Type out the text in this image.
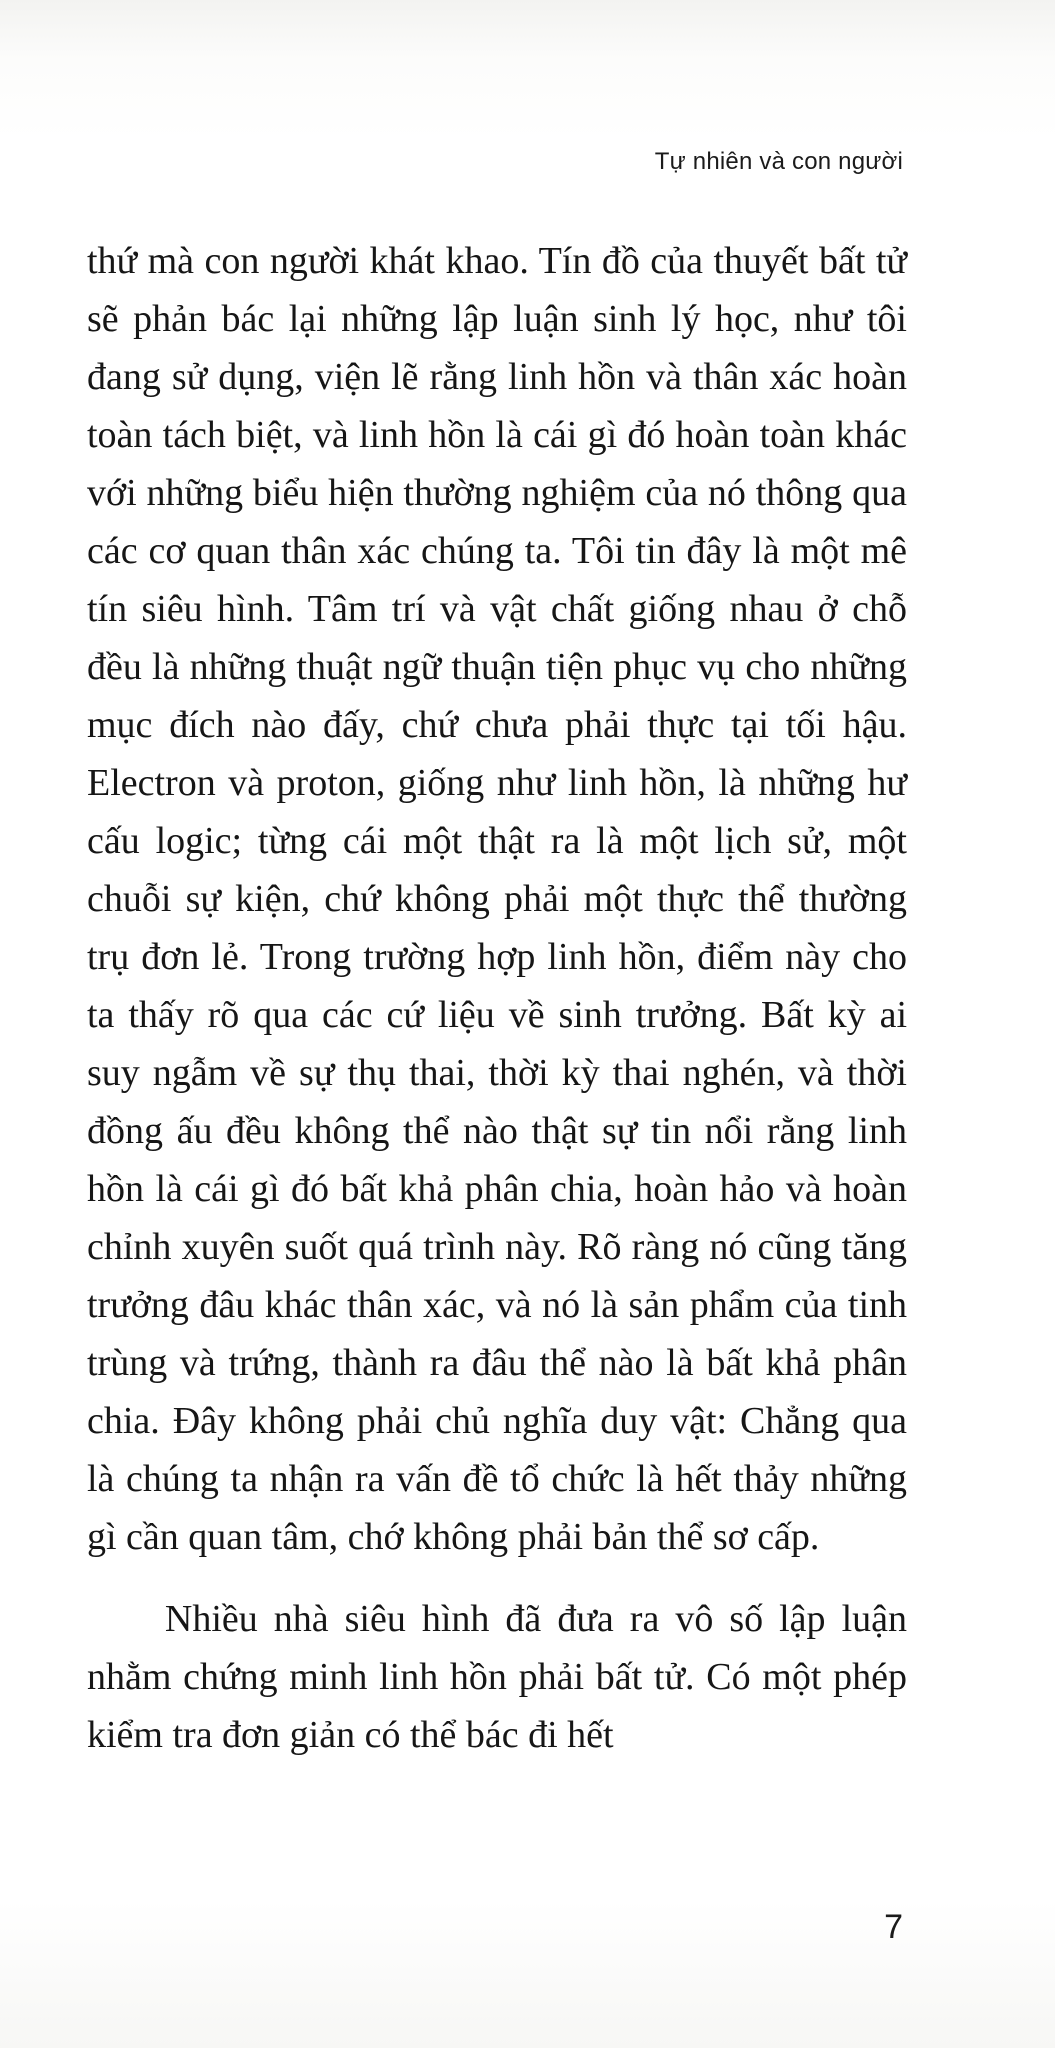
Tự nhiên và con người

thứ mà con người khát khao. Tín đồ của thuyết bất tử sẽ phản bác lại những lập luận sinh lý học, như tôi đang sử dụng, viện lẽ rằng linh hồn và thân xác hoàn toàn tách biệt, và linh hồn là cái gì đó hoàn toàn khác với những biểu hiện thường nghiệm của nó thông qua các cơ quan thân xác chúng ta. Tôi tin đây là một mê tín siêu hình. Tâm trí và vật chất giống nhau ở chỗ đều là những thuật ngữ thuận tiện phục vụ cho những mục đích nào đấy, chứ chưa phải thực tại tối hậu. Electron và proton, giống như linh hồn, là những hư cấu logic; từng cái một thật ra là một lịch sử, một chuỗi sự kiện, chứ không phải một thực thể thường trụ đơn lẻ. Trong trường hợp linh hồn, điểm này cho ta thấy rõ qua các cứ liệu về sinh trưởng. Bất kỳ ai suy ngẫm về sự thụ thai, thời kỳ thai nghén, và thời đồng ấu đều không thể nào thật sự tin nổi rằng linh hồn là cái gì đó bất khả phân chia, hoàn hảo và hoàn chỉnh xuyên suốt quá trình này. Rõ ràng nó cũng tăng trưởng đâu khác thân xác, và nó là sản phẩm của tinh trùng và trứng, thành ra đâu thể nào là bất khả phân chia. Đây không phải chủ nghĩa duy vật: Chẳng qua là chúng ta nhận ra vấn đề tổ chức là hết thảy những gì cần quan tâm, chớ không phải bản thể sơ cấp.

Nhiều nhà siêu hình đã đưa ra vô số lập luận nhằm chứng minh linh hồn phải bất tử. Có một phép kiểm tra đơn giản có thể bác đi hết

7
